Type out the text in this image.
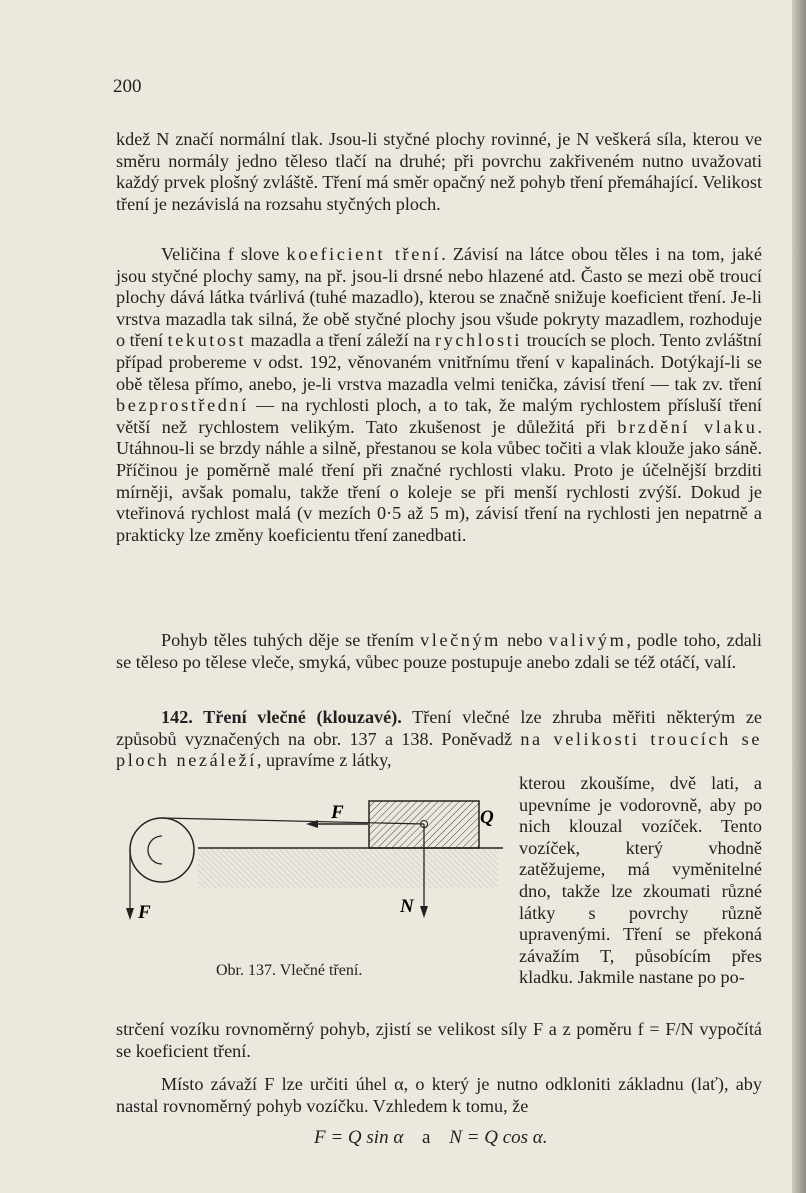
200

kdež N značí normální tlak. Jsou-li styčné plochy rovinné, je N veškerá síla, kterou ve směru normály jedno těleso tlačí na druhé; při povrchu zakřiveném nutno uvažovati každý prvek plošný zvláště. Tření má směr opačný než pohyb tření přemáhající. Velikost tření je nezávislá na rozsahu styčných ploch.

Veličina f slove koeficient tření. Závisí na látce obou těles i na tom, jaké jsou styčné plochy samy, na př. jsou-li drsné nebo hlazené atd. Často se mezi obě troucí plochy dává látka tvárlivá (tuhé mazadlo), kterou se značně snižuje koeficient tření. Je-li vrstva mazadla tak silná, že obě styčné plochy jsou všude pokryty mazadlem, rozhoduje o tření tekutost mazadla a tření záleží na rychlosti troucích se ploch. Tento zvláštní případ probereme v odst. 192, věnovaném vnitřnímu tření v kapalinách. Dotýkají-li se obě tělesa přímo, anebo, je-li vrstva mazadla velmi tenička, závisí tření — tak zv. tření bezprostřední — na rychlosti ploch, a to tak, že malým rychlostem přísluší tření větší než rychlostem velikým. Tato zkušenost je důležitá při brzdění vlaku. Utáhnou-li se brzdy náhle a silně, přestanou se kola vůbec točiti a vlak klouže jako sáně. Příčinou je poměrně malé tření při značné rychlosti vlaku. Proto je účelnější brzditi mírněji, avšak pomalu, takže tření o koleje se při menší rychlosti zvýší. Dokud je vteřinová rychlost malá (v mezích 0·5 až 5 m), závisí tření na rychlosti jen nepatrně a prakticky lze změny koeficientu tření zanedbati.

Pohyb těles tuhých děje se třením vlečným nebo valivým, podle toho, zdali se těleso po tělese vleče, smyká, vůbec pouze postupuje anebo zdali se též otáčí, valí.

142. Tření vlečné (klouzavé). Tření vlečné lze zhruba měřiti některým ze způsobů vyznačených na obr. 137 a 138. Poněvadž na velikosti troucích se ploch nezáleží, upravíme z látky,

kterou zkoušíme, dvě lati, a upevníme je vodorovně, aby po nich klouzal vozíček. Tento vozíček, který vhodně zatěžujeme, má vyměnitelné dno, takže lze zkoumati různé látky s povrchy různě upravenými. Tření se překoná závažím T, působícím přes kladku. Jakmile nastane po po-

F	Q
F	N
Obr. 137. Vlečné tření.

strčení vozíku rovnoměrný pohyb, zjistí se velikost síly F a z poměru f = F/N vypočítá se koeficient tření.

Místo závaží F lze určiti úhel α, o který je nutno odkloniti základnu (lať), aby nastal rovnoměrný pohyb vozíčku. Vzhledem k tomu, že

F = Q sin α a N = Q cos α.
